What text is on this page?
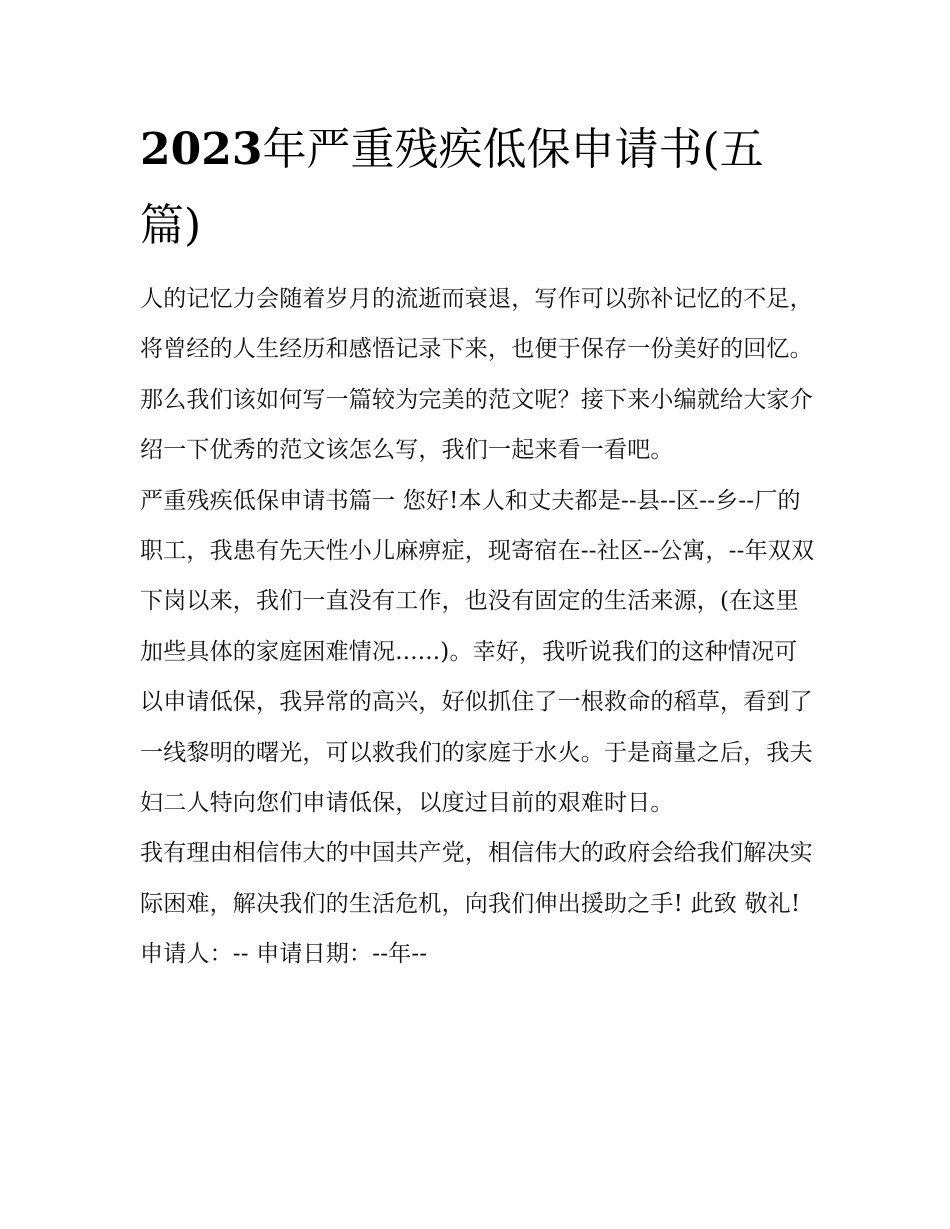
2023年严重残疾低保申请书(五篇)

人的记忆力会随着岁月的流逝而衰退，写作可以弥补记忆的不足，将曾经的人生经历和感悟记录下来，也便于保存一份美好的回忆。那么我们该如何写一篇较为完美的范文呢？接下来小编就给大家介绍一下优秀的范文该怎么写，我们一起来看一看吧。

严重残疾低保申请书篇一 您好!本人和丈夫都是--县--区--乡--厂的职工，我患有先天性小儿麻痹症，现寄宿在--社区--公寓，--年双双下岗以来，我们一直没有工作，也没有固定的生活来源，(在这里加些具体的家庭困难情况......)。幸好，我听说我们的这种情况可以申请低保，我异常的高兴，好似抓住了一根救命的稻草，看到了一线黎明的曙光，可以救我们的家庭于水火。于是商量之后，我夫妇二人特向您们申请低保，以度过目前的艰难时日。

我有理由相信伟大的中国共产党，相信伟大的政府会给我们解决实际困难，解决我们的生活危机，向我们伸出援助之手! 此致 敬礼! 申请人：-- 申请日期：--年--
